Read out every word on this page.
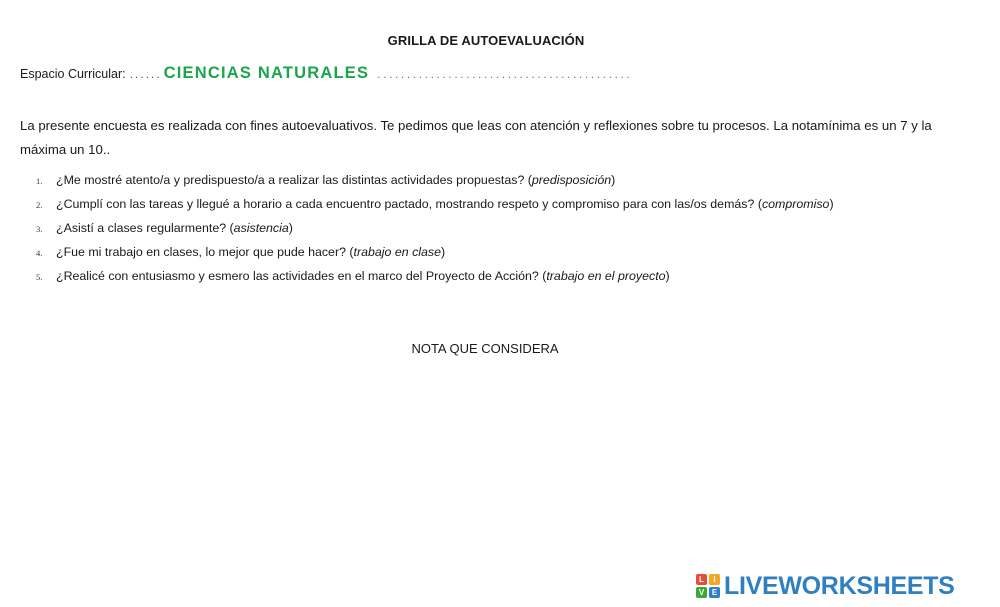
GRILLA DE AUTOEVALUACIÓN
Espacio Curricular: ...... CIENCIAS NATURALES ...........................................
La presente encuesta es realizada con fines autoevaluativos. Te pedimos que leas con atención y reflexiones sobre tu procesos. La notamínima es un 7 y la máxima un 10..
1. ¿Me mostré atento/a y predispuesto/a a realizar las distintas actividades propuestas? (predisposición)
2. ¿Cumplí con las tareas y llegué a horario a cada encuentro pactado, mostrando respeto y compromiso para con las/os demás? (compromiso)
3. ¿Asistí a clases regularmente? (asistencia)
4. ¿Fue mi trabajo en clases, lo mejor que pude hacer? (trabajo en clase)
5. ¿Realicé con entusiasmo y esmero las actividades en el marco del Proyecto de Acción? (trabajo en el proyecto)
NOTA QUE CONSIDERA
L	I
V E LIVEWORKSHEETS
